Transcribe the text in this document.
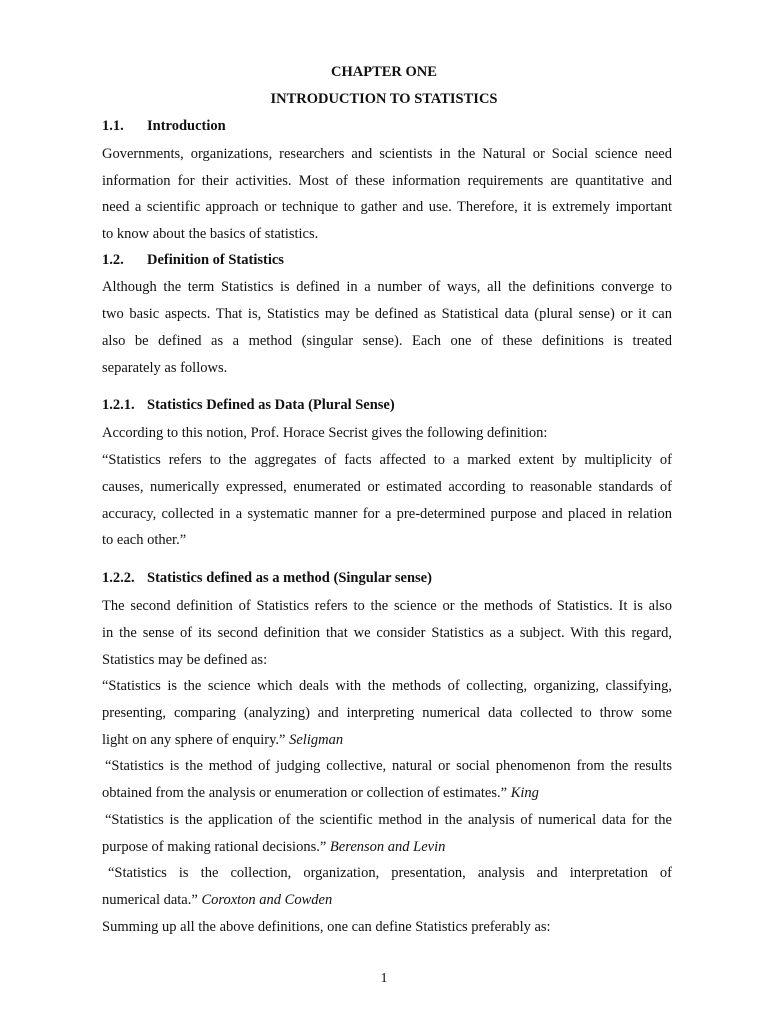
CHAPTER ONE
INTRODUCTION TO STATISTICS
1.1. Introduction
Governments, organizations, researchers and scientists in the Natural or Social science need
information for their activities. Most of these information requirements are quantitative and
need a scientific approach or technique to gather and use. Therefore, it is extremely important
to know about the basics of statistics.
1.2. Definition of Statistics
Although the term Statistics is defined in a number of ways, all the definitions converge to
two basic aspects. That is, Statistics may be defined as Statistical data (plural sense) or it can
also be defined as a method (singular sense). Each one of these definitions is treated
separately as follows.
1.2.1. Statistics Defined as Data (Plural Sense)
According to this notion, Prof. Horace Secrist gives the following definition:
“Statistics refers to the aggregates of facts affected to a marked extent by multiplicity of
causes, numerically expressed, enumerated or estimated according to reasonable standards of
accuracy, collected in a systematic manner for a pre-determined purpose and placed in relation
to each other.”
1.2.2. Statistics defined as a method (Singular sense)
The second definition of Statistics refers to the science or the methods of Statistics. It is also
in the sense of its second definition that we consider Statistics as a subject. With this regard,
Statistics may be defined as:
“Statistics is the science which deals with the methods of collecting, organizing, classifying,
presenting, comparing (analyzing) and interpreting numerical data collected to throw some
light on any sphere of enquiry.” Seligman
“Statistics is the method of judging collective, natural or social phenomenon from the results
obtained from the analysis or enumeration or collection of estimates.” King
“Statistics is the application of the scientific method in the analysis of numerical data for the
purpose of making rational decisions.” Berenson and Levin
“Statistics is the collection, organization, presentation, analysis and interpretation of
numerical data.” Coroxton and Cowden
Summing up all the above definitions, one can define Statistics preferably as:
1
